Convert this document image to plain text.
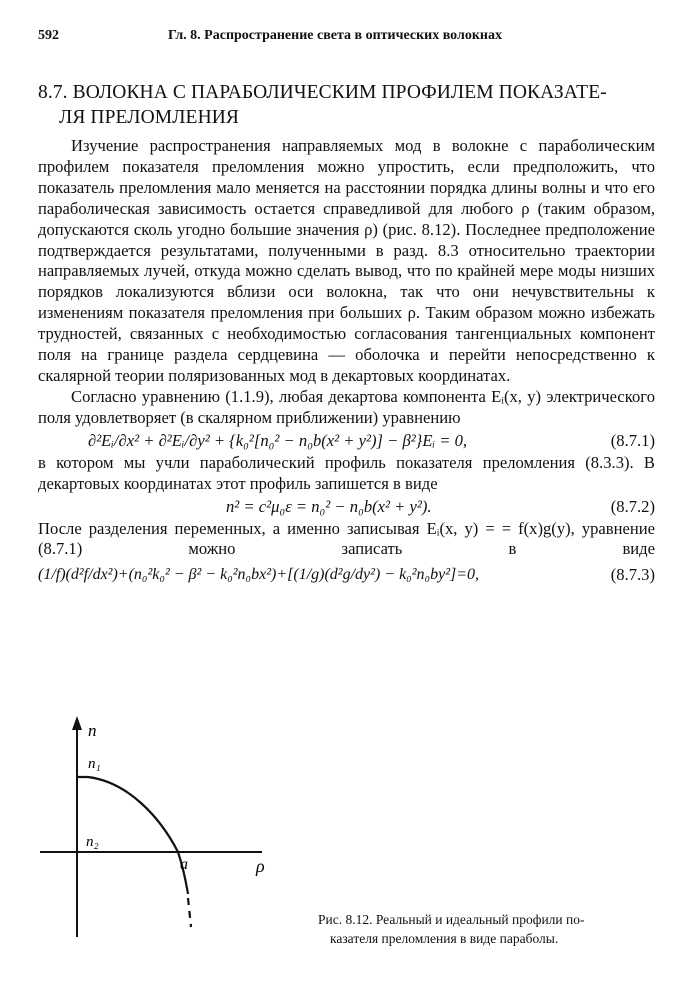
592	Гл. 8. Распространение света в оптических волокнах
8.7. ВОЛОКНА С ПАРАБОЛИЧЕСКИМ ПРОФИЛЕМ ПОКАЗАТЕ-
ЛЯ ПРЕЛОМЛЕНИЯ

Изучение распространения направляемых мод в волокне с параболическим профилем показателя преломления можно упростить, если предположить, что показатель преломления мало меняется на расстоянии порядка длины волны и что его параболическая зависимость остается справедливой для любого ρ (таким образом, допускаются сколь угодно большие значения ρ) (рис. 8.12). Последнее предположение подтверждается результатами, полученными в разд. 8.3 относительно траектории направляемых лучей, откуда можно сделать вывод, что по крайней мере моды низших порядков локализуются вблизи оси волокна, так что они нечувствительны к изменениям показателя преломления при больших ρ. Таким образом можно избежать трудностей, связанных с необходимостью согласования тангенциальных компонент поля на границе раздела сердцевина — оболочка и перейти непосредственно к скалярной теории поляризованных мод в декартовых координатах.

Согласно уравнению (1.1.9), любая декартова компонента Eᵢ(x, y) электрического поля удовлетворяет (в скалярном приближении) уравнению

∂²Eᵢ/∂x² + ∂²Eᵢ/∂y² + {k₀²[n₀² − n₀b(x² + y²)] − β²}Eᵢ = 0,	(8.7.1)

в котором мы учли параболический профиль показателя преломления (8.3.3). В декартовых координатах этот профиль запишется в виде

n² = c²μ₀ε = n₀² − n₀b(x² + y²).	(8.7.2)

После разделения переменных, а именно записывая Eᵢ(x, y) = = f(x)g(y), уравнение (8.7.1) можно записать в виде

(1/f)(d²f/dx²)+(n₀²k₀² − β² − k₀²n₀bx²)+[(1/g)(d²g/dy²) − k₀²n₀by²]=0,	(8.7.3)
n
n₁
n₂
a	ρ
Рис. 8.12. Реальный и идеальный профили по-
казателя преломления в виде параболы.
